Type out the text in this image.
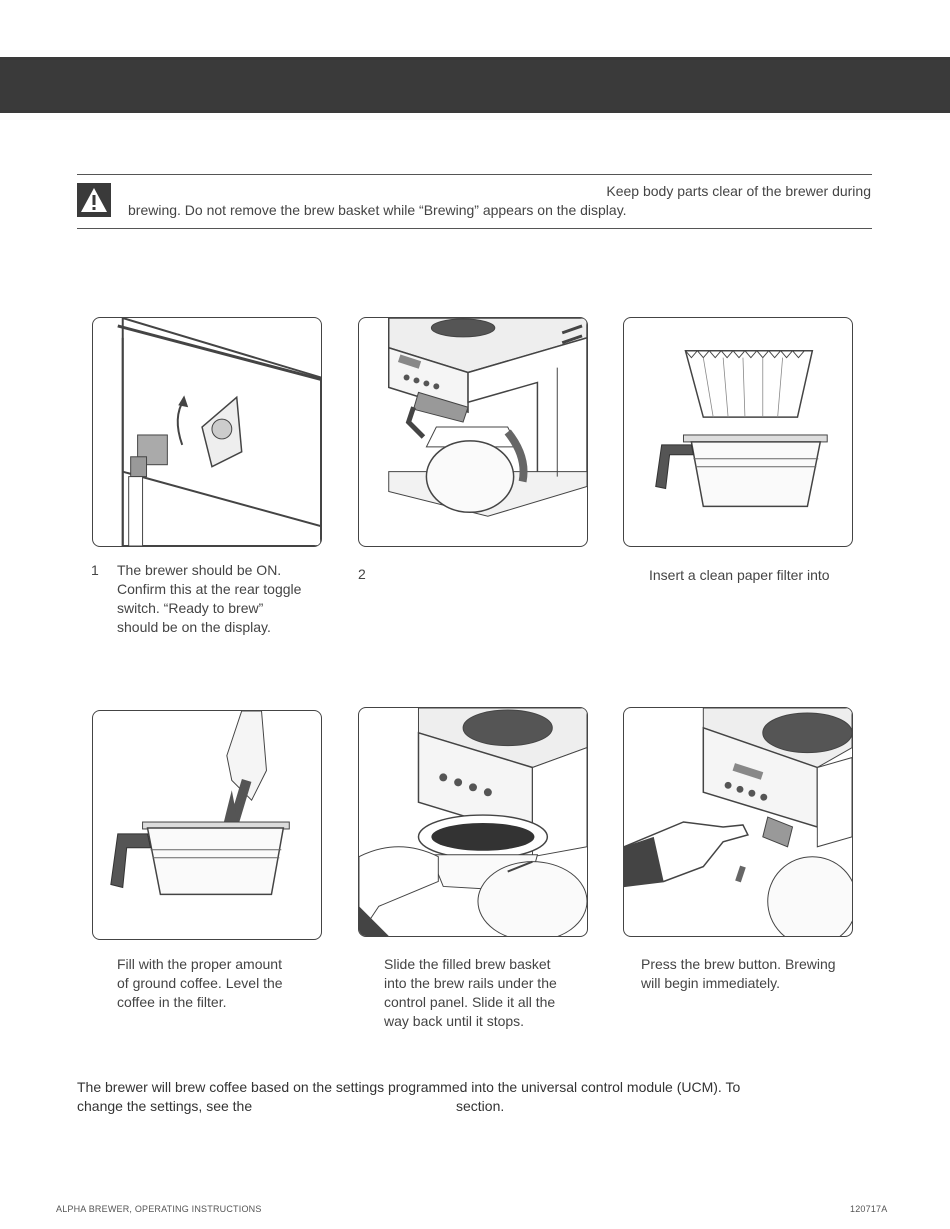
Keep body parts clear of the brewer during
brewing. Do not remove the brew basket while “Brewing” appears on the display.
1 The brewer should be ON.
Confirm this at the rear toggle
switch. “Ready to brew”
should be on the display.
2	Insert a clean paper filter into
Fill with the proper amount
of ground coffee. Level the
coffee in the filter.
Slide the filled brew basket
into the brew rails under the
control panel. Slide it all the
way back until it stops.
Press the brew button. Brewing
will begin immediately.
The brewer will brew coffee based on the settings programmed into the universal control module (UCM). To
change the settings, see the	section.
ALPHA BREWER, OPERATING INSTRUCTIONS	120717A
